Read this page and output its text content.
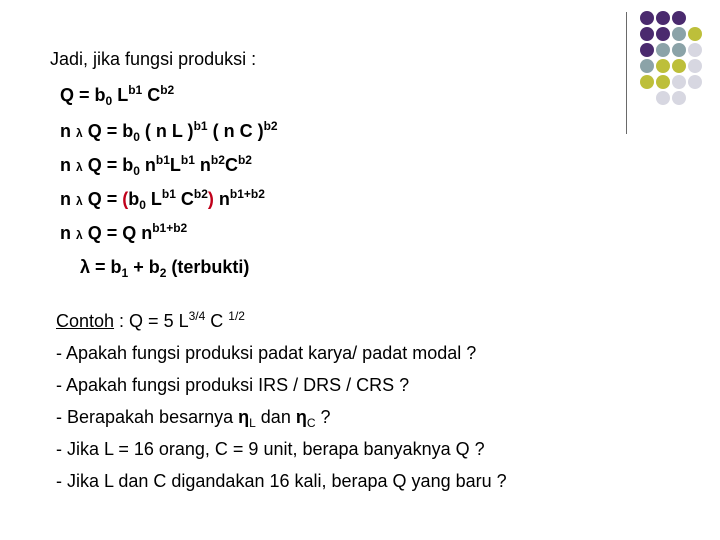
Jadi, jika fungsi produksi :
$Q = b_0$ $L^{b1}$ $C^{b2}$
n λ $Q = b_0$ ( n L )$^{b1}$ ( n C )$^{b2}$
n λ $Q = b_0$ $n^{b1}L^{b1}$ $n^{b2}C^{b2}$
n λ $Q = (b_0$ $L^{b1}$ $C^{b2}$) $n^{b1+b2}$
n λ Q = Q $n^{b1+b2}$
$\lambda = b_1 + b_2$ (terbukti)
Contoh : Q = 5 $L^{3/4}$ C $^{1/2}$
- Apakah fungsi produksi padat karya/ padat modal ?
- Apakah fungsi produksi IRS / DRS / CRS ?
- Berapakah besarnya $\eta_L$ dan $\eta_C$ ?
- Jika L = 16 orang, C = 9 unit, berapa banyaknya Q ?
- Jika L dan C digandakan 16 kali, berapa Q yang baru ?
